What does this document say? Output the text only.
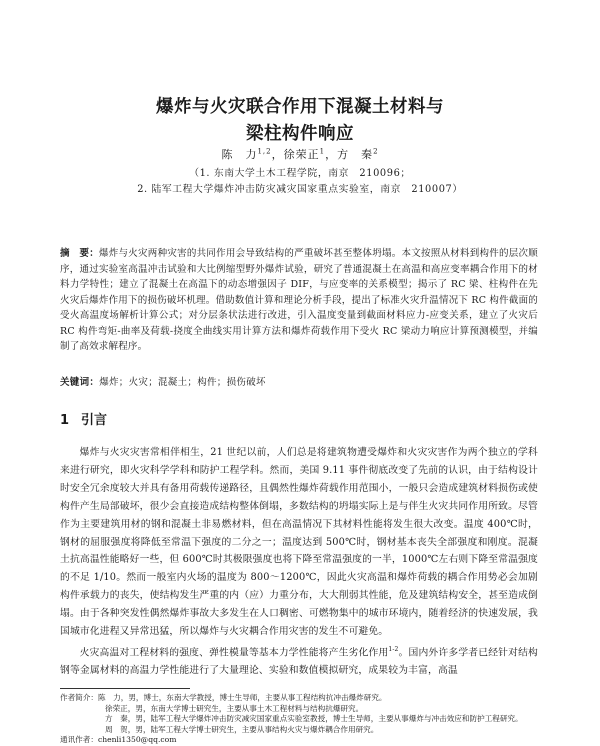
爆炸与火灾联合作用下混凝土材料与
梁柱构件响应
陈　力$^{1,2}$，徐荣正$^1$，方　秦$^2$
（1. 东南大学土木工程学院，南京　210096；
2. 陆军工程大学爆炸冲击防灾减灾国家重点实验室，南京　210007）
摘　要：爆炸与火灾两种灾害的共同作用会导致结构的严重破坏甚至整体坍塌。本文按照从材料到构件的层次顺序，通过实验室高温冲击试验和大比例缩型野外爆炸试验，研究了普通混凝土在高温和高应变率耦合作用下的材料力学特性；建立了混凝土在高温下的动态增强因子 DIF，与应变率的关系模型；揭示了 RC 梁、柱构件在先火灾后爆炸作用下的损伤破坏机理。借助数值计算和理论分析手段，提出了标准火灾升温情况下 RC 构件截面的受火高温度场解析计算公式；对分层条状法进行改进，引入温度变量到截面材料应力-应变关系，建立了火灾后 RC 构件弯矩-曲率及荷载-挠度全曲线实用计算方法和爆炸荷载作用下受火 RC 梁动力响应计算预测模型，并编制了高效求解程序。
关键词：爆炸；火灾；混凝土；构件；损伤破坏
1 引言

爆炸与火灾灾害常相伴相生，21 世纪以前，人们总是将建筑物遭受爆炸和火灾灾害作为两个独立的学科来进行研究，即火灾科学学科和防护工程学科。然而，美国 9.11 事件彻底改变了先前的认识，由于结构设计时安全冗余度较大并具有备用荷载传递路径，且偶然性爆炸荷载作用范围小，一般只会造成建筑材料损伤或使构件产生局部破坏，很少会直接造成结构整体倒塌，多数结构的坍塌实际上是与伴生火灾共同作用所致。尽管作为主要建筑用材的钢和混凝土非易燃材料，但在高温情况下其材料性能将发生很大改变。温度 400℃时，钢材的屈服强度将降低至常温下强度的二分之一；温度达到 500℃时，钢材基本丧失全部强度和刚度。混凝土抗高温性能略好一些，但 600℃时其极限强度也将下降至常温强度的一半，1000℃左右则下降至常温强度的不足 1/10。然而一般室内火场的温度为 800～1200℃，因此火灾高温和爆炸荷载的耦合作用势必会加剧构件承载力的丧失，使结构发生严重的内（应）力重分布，大大削弱其性能，危及建筑结构安全，甚至造成倒塌。由于各种突发性偶然爆炸事故大多发生在人口稠密、可燃物集中的城市环境内，随着经济的快速发展，我国城市化进程又异常迅猛，所以爆炸与火灾耦合作用灾害的发生不可避免。

火灾高温对工程材料的强度、弹性模量等基本力学性能将产生劣化作用$^{1-2}$。国内外许多学者已经针对结构钢等金属材料的高温力学性能进行了大量理论、实验和数值模拟研究，成果较为丰富，高温

作者简介：陈　力，男，博士，东南大学教授，博士生导师，主要从事工程结构抗冲击爆炸研究。
徐荣正，男，东南大学博士研究生，主要从事土木工程材料与结构抗爆研究。
方　秦，男，陆军工程大学爆炸冲击防灾减灾国家重点实验室教授，博士生导师，主要从事爆炸与冲击效应和防护工程研究。
周　贺，男，陆军工程大学博士研究生，主要从事结构火灾与爆炸耦合作用研究。
通讯作者：chenli1350@qq.com
